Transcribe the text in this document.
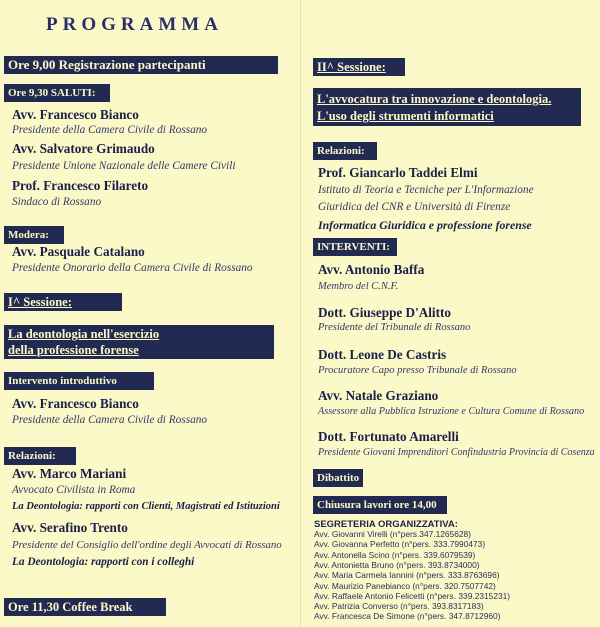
PROGRAMMA
Ore 9,00 Registrazione partecipanti
Ore 9,30 SALUTI:
Avv. Francesco Bianco
Presidente della Camera Civile di Rossano
Avv. Salvatore Grimaudo
Presidente Unione Nazionale delle Camere Civili
Prof. Francesco Filareto
Sindaco di Rossano
Modera:
Avv. Pasquale Catalano
Presidente Onorario della Camera Civile di Rossano
I^ Sessione:
La deontologia nell'esercizio
della professione forense
Intervento introduttivo
Avv. Francesco Bianco
Presidente della Camera Civile di Rossano
Relazioni:
Avv. Marco Mariani
Avvocato Civilista in Roma
La Deontologia: rapporti con Clienti, Magistrati ed Istituzioni
Avv. Serafino Trento
Presidente del Consiglio dell'ordine degli Avvocati di Rossano
La Deontologia: rapporti con i colleghi
Ore 11,30 Coffee Break
II^ Sessione:
L'avvocatura tra innovazione e deontologia.
L'uso degli strumenti informatici
Relazioni:
Prof. Giancarlo Taddei Elmi
Istituto di Teoria e Tecniche per L'Informazione
Giuridica del CNR e Università di Firenze
Informatica Giuridica e professione forense
INTERVENTI:
Avv. Antonio Baffa
Membro del C.N.F.
Dott. Giuseppe D'Alitto
Presidente del Tribunale di Rossano
Dott. Leone De Castris
Procuratore Capo presso Tribunale di Rossano
Avv. Natale Graziano
Assessore alla Pubblica Istruzione e Cultura Comune di Rossano
Dott. Fortunato Amarelli
Presidente Giovani Imprenditori Confindustria Provincia di Cosenza
Dibattito
Chiusura lavori ore 14,00
SEGRETERIA ORGANIZZATIVA:
Avv. Giovanni Virelli (n°pers.347.1265628)
Avv. Giovanna Perfetto (n°pers. 333.7990473)
Avv. Antonella Scino (n°pers. 339.6079539)
Avv. Antonietta Bruno (n°pers. 393.8734000)
Avv. Maria Carmela Iannini (n°pers. 333.8763696)
Avv. Maurizio Panebianco (n°pers. 320.7507742)
Avv. Raffaele Antonio Felicetti (n°pers. 339.2315231)
Avv. Patrizia Converso (n°pers. 393.8317183)
Avv. Francesca De Simone (n°pers. 347.8712960)
